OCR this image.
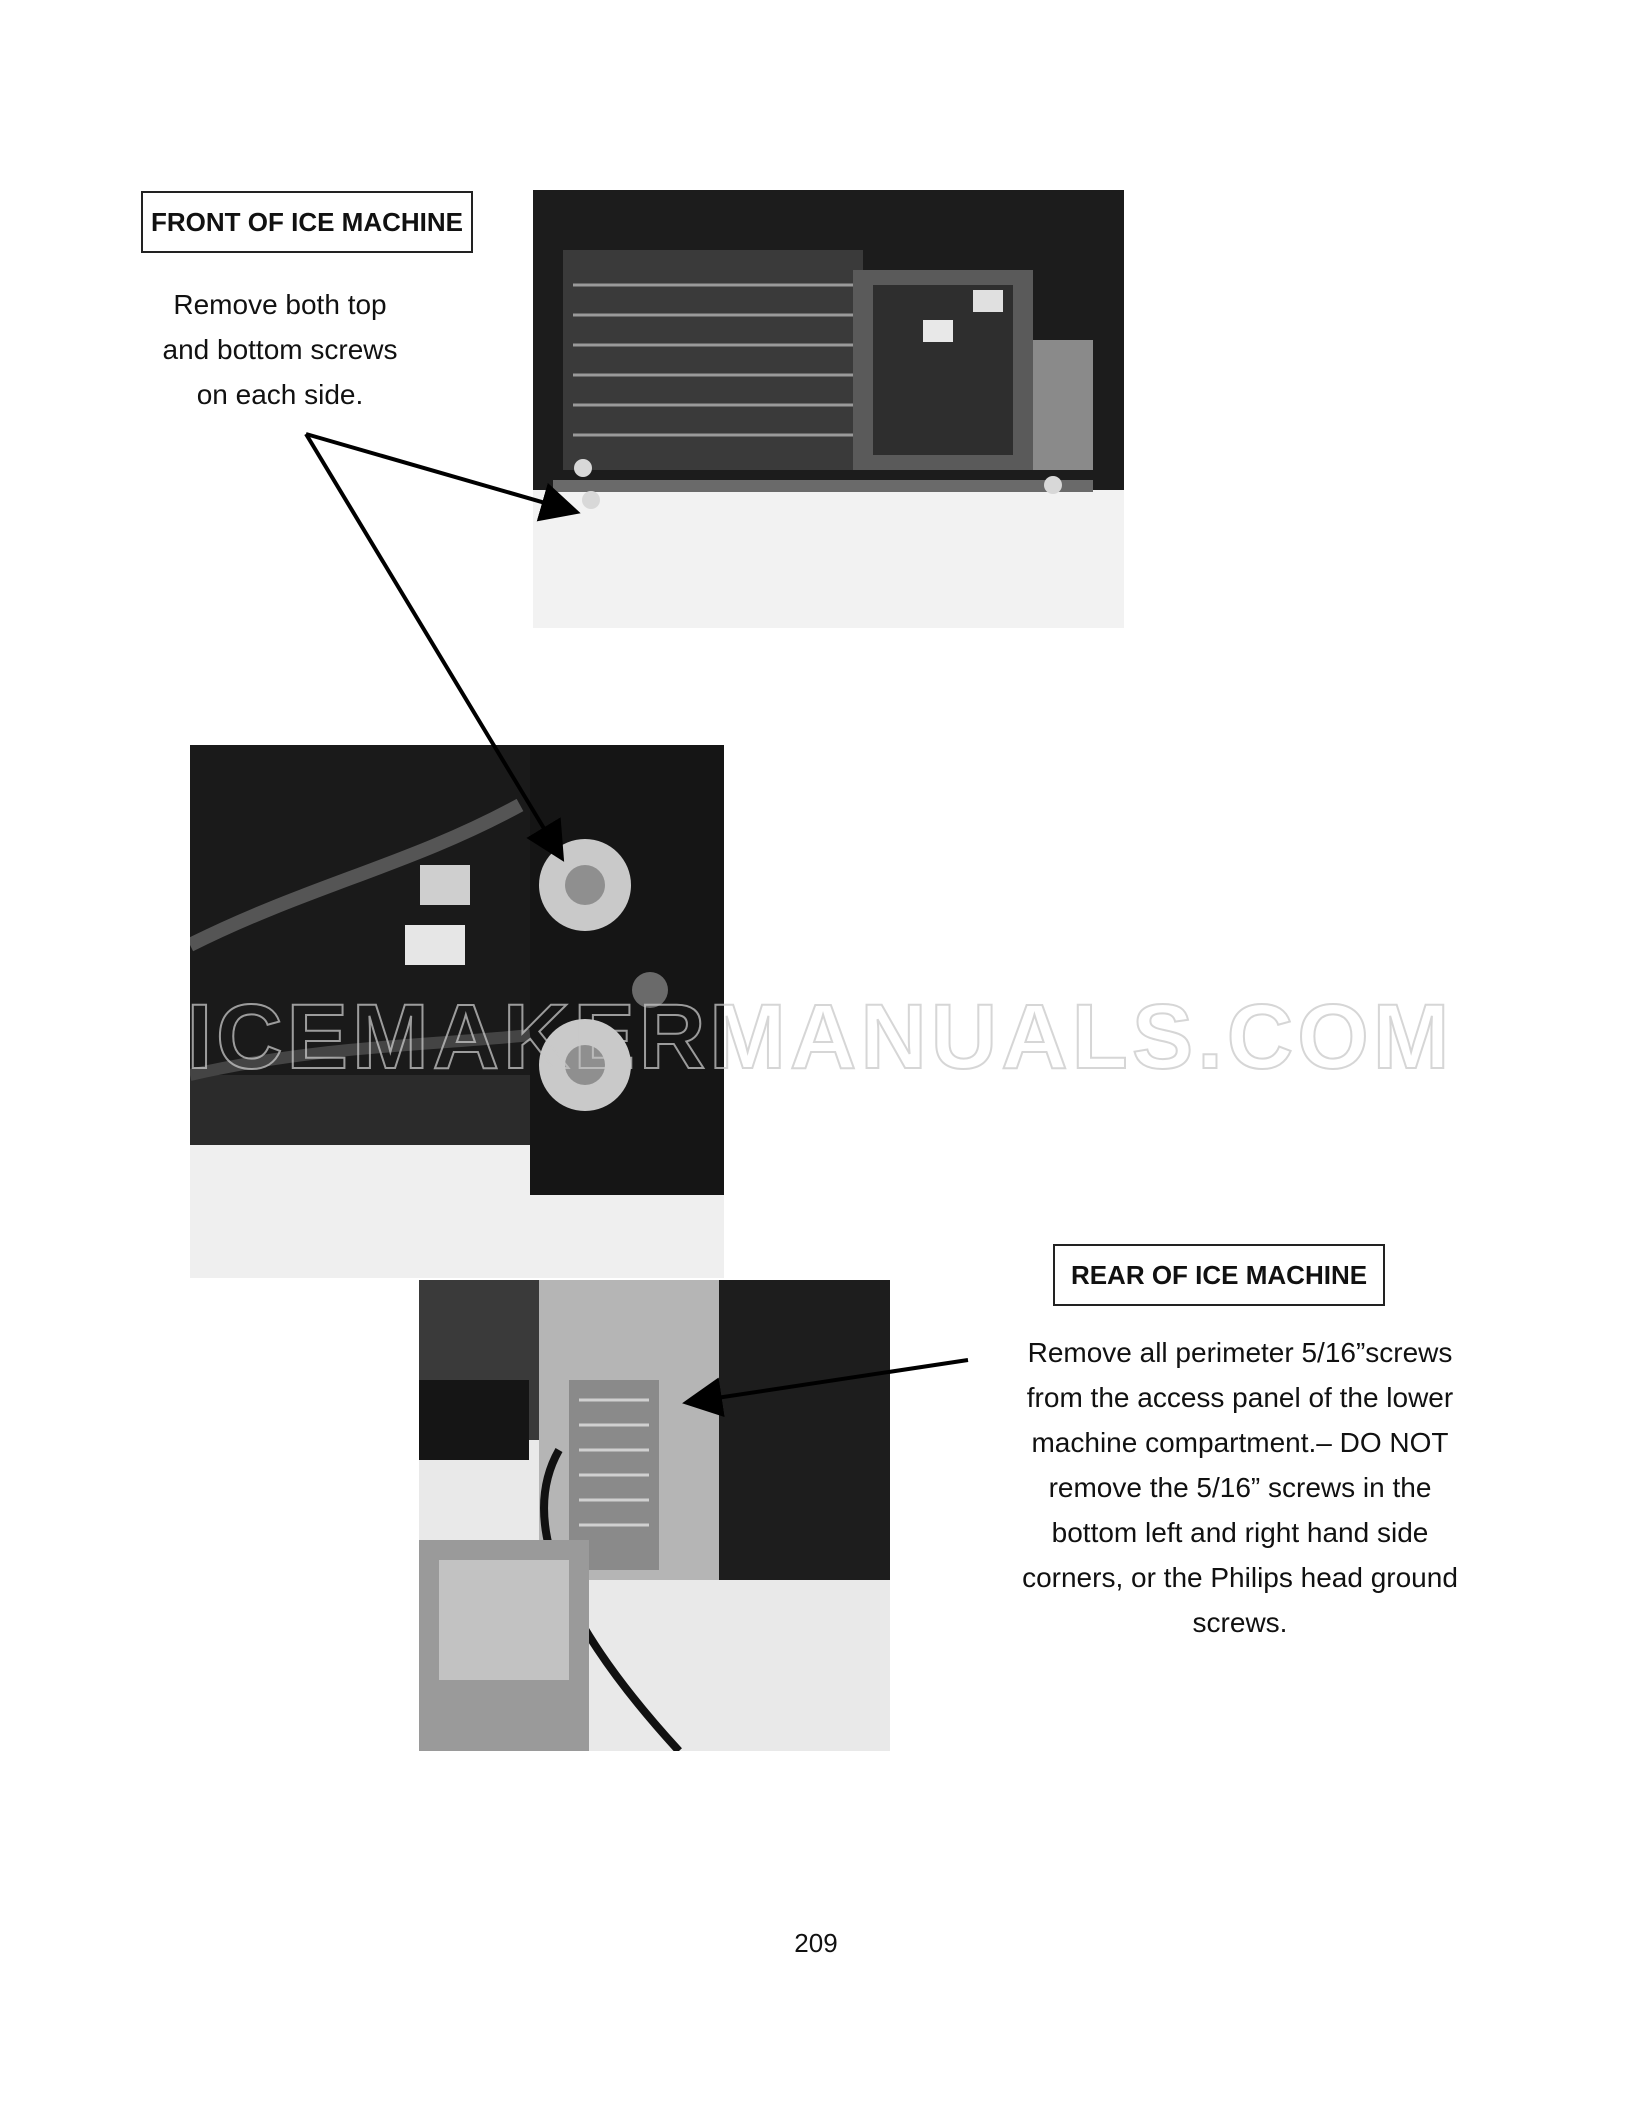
FRONT OF ICE MACHINE
Remove both top
and bottom screws
on each side.
ICEMAKERMANUALS.COM
REAR OF ICE MACHINE
Remove all perimeter 5/16”screws
from the access panel of the lower
machine compartment.– DO NOT
remove the 5/16” screws in the
bottom left and right hand side
corners, or the Philips head ground
screws.
209
